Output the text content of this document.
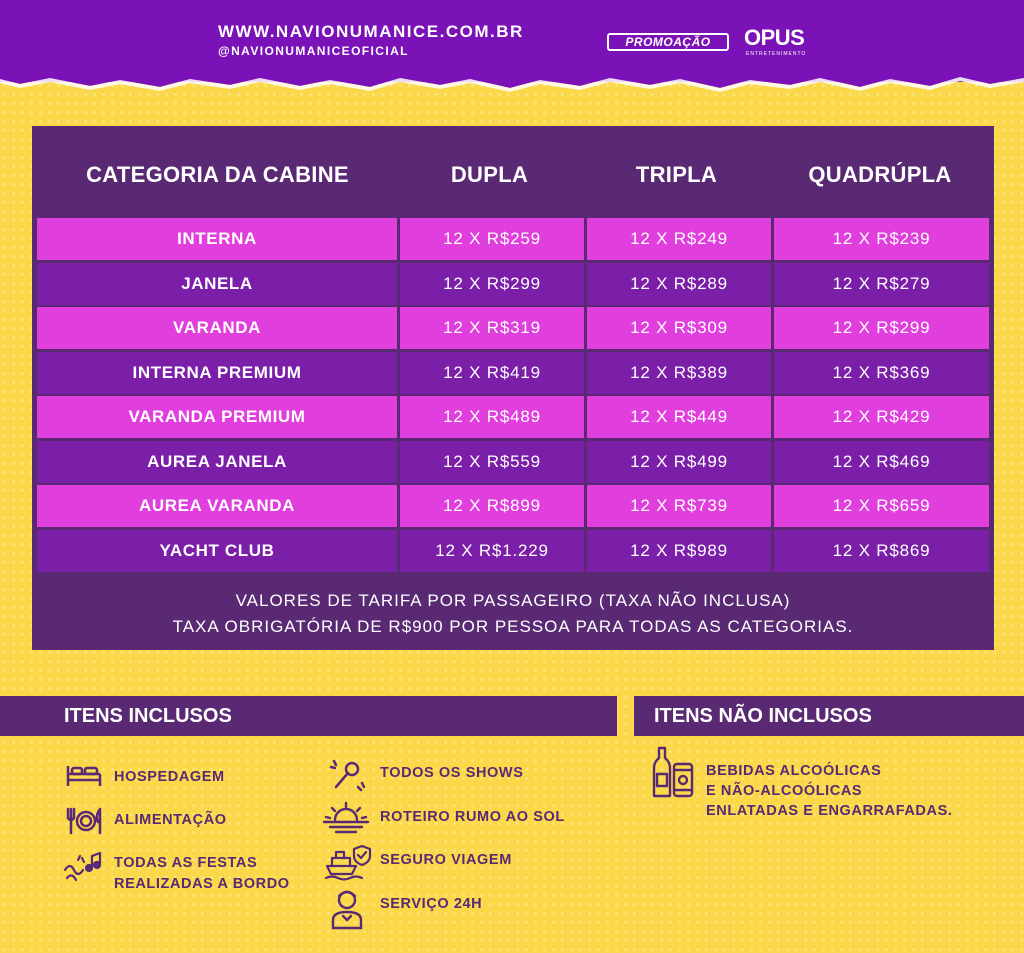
WWW.NAVIONUMANICE.COM.BR
@NAVIONUMANICEOFICIAL
PROMOAÇÃO	OPUS
ENTRETENIMENTO
CATEGORIA DA CABINE	DUPLA	TRIPLA	QUADRÚPLA
INTERNA	12 X R$259	12 X R$249	12 X R$239
JANELA	12 X R$299	12 X R$289	12 X R$279
VARANDA	12 X R$319	12 X R$309	12 X R$299
INTERNA PREMIUM	12 X R$419	12 X R$389	12 X R$369
VARANDA PREMIUM	12 X R$489	12 X R$449	12 X R$429
AUREA JANELA	12 X R$559	12 X R$499	12 X R$469
AUREA VARANDA	12 X R$899	12 X R$739	12 X R$659
YACHT CLUB	12 X R$1.229	12 X R$989	12 X R$869
VALORES DE TARIFA POR PASSAGEIRO (TAXA NÃO INCLUSA)
TAXA OBRIGATÓRIA DE R$900 POR PESSOA PARA TODAS AS CATEGORIAS.
ITENS INCLUSOS	ITENS NÃO INCLUSOS
HOSPEDAGEM
ALIMENTAÇÃO
TODAS AS FESTAS
REALIZADAS A BORDO
TODOS OS SHOWS
ROTEIRO RUMO AO SOL
SEGURO VIAGEM
SERVIÇO 24H
BEBIDAS ALCOÓLICAS
E NÃO-ALCOÓLICAS
ENLATADAS E ENGARRAFADAS.
